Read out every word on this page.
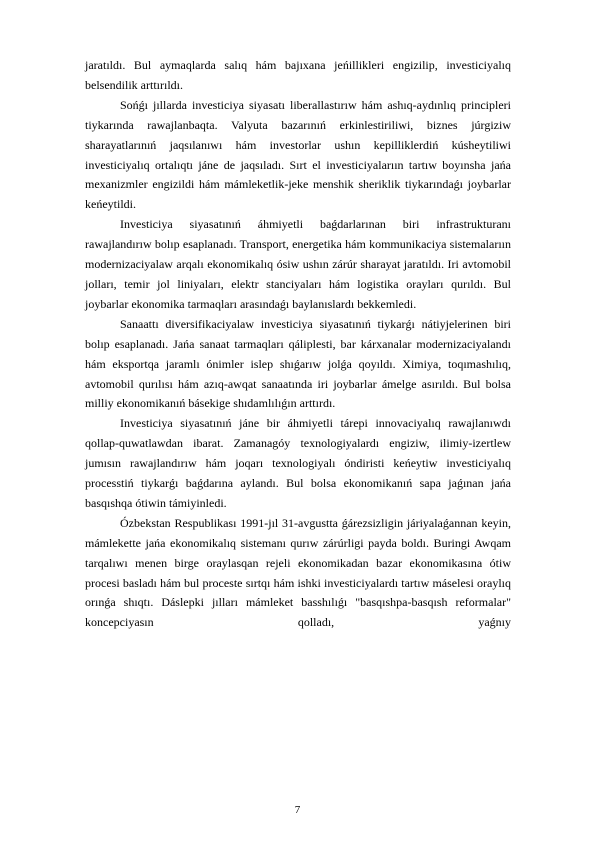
jaratıldı. Bul aymaqlarda salıq hám bajıxana jeńillikleri engizilip, investiciyalıq belsendilik arttırıldı.

Sońǵı jıllarda investiciya siyasatı liberallastırıw hám ashıq-aydınlıq principleri tiykarında rawajlanbaqta. Valyuta bazarınıń erkinlestiriliwi, biznes júrgiziw sharayatlarınıń jaqsılanıwı hám investorlar ushın kepilliklerdiń kúsheytiliwi investiciyalıq ortalıqtı jáne de jaqsıladı. Sırt el investiciyalarıın tartıw boyınsha jańa mexanizmler engizildi hám mámleketlik-jeke menshik sheriklik tiykarındaǵı joybarlar keńeytildi.

Investiciya siyasatınıń áhmiyetli baǵdarlarınan biri infrastrukturanı rawajlandırıw bolıp esaplanadı. Transport, energetika hám kommunikaciya sistemalarıın modernizaciyalaw arqalı ekonomikalıq ósiw ushın zárúr sharayat jaratıldı. Iri avtomobil jolları, temir jol liniyaları, elektr stanciyaları hám logistika orayları qurıldı. Bul joybarlar ekonomika tarmaqları arasındaǵı baylanıslardı bekkemledi.

Sanaattı diversifikaciyalaw investiciya siyasatınıń tiykarǵı nátiyjelerinen biri bolıp esaplanadı. Jańa sanaat tarmaqları qáliplesti, bar kárxanalar modernizaciyalandı hám eksportqa jaramlı ónimler islep shıǵarıw jolǵa qoyıldı. Ximiya, toqımashılıq, avtomobil qurılısı hám azıq-awqat sanaatında iri joybarlar ámelge asırıldı. Bul bolsa milliy ekonomikanıń básekige shıdamlılıǵın arttırdı.

Investiciya siyasatınıń jáne bir áhmiyetli tárepi innovaciyalıq rawajlanıwdı qollap-quwatlawdan ibarat. Zamanagóy texnologiyalardı engiziw, ilimiy-izertlew jumısın rawajlandırıw hám joqarı texnologiyalı óndiristi keńeytiw investiciyalıq processtiń tiykarǵı baǵdarına aylandı. Bul bolsa ekonomikanıń sapa jaǵınan jańa basqıshqa ótiwin támiyinledi.

Ózbekstan Respublikası 1991-jıl 31-avgustta ǵárezsizligin járiyalaǵannan keyin, mámlekette jańa ekonomikalıq sistemanı qurıw zárúrligi payda boldı. Buringi Awqam tarqalıwı menen birge oraylasqan rejeli ekonomikadan bazar ekonomikasına ótiw procesi basladı hám bul proceste sırtqı hám ishki investiciyalardı tartıw máselesi oraylıq orınǵa shıqtı. Dáslepki jılları mámleket basshılıǵı "basqıshpa-basqısh reformalar" koncepciyasın qolladı, yaǵnıy

7
